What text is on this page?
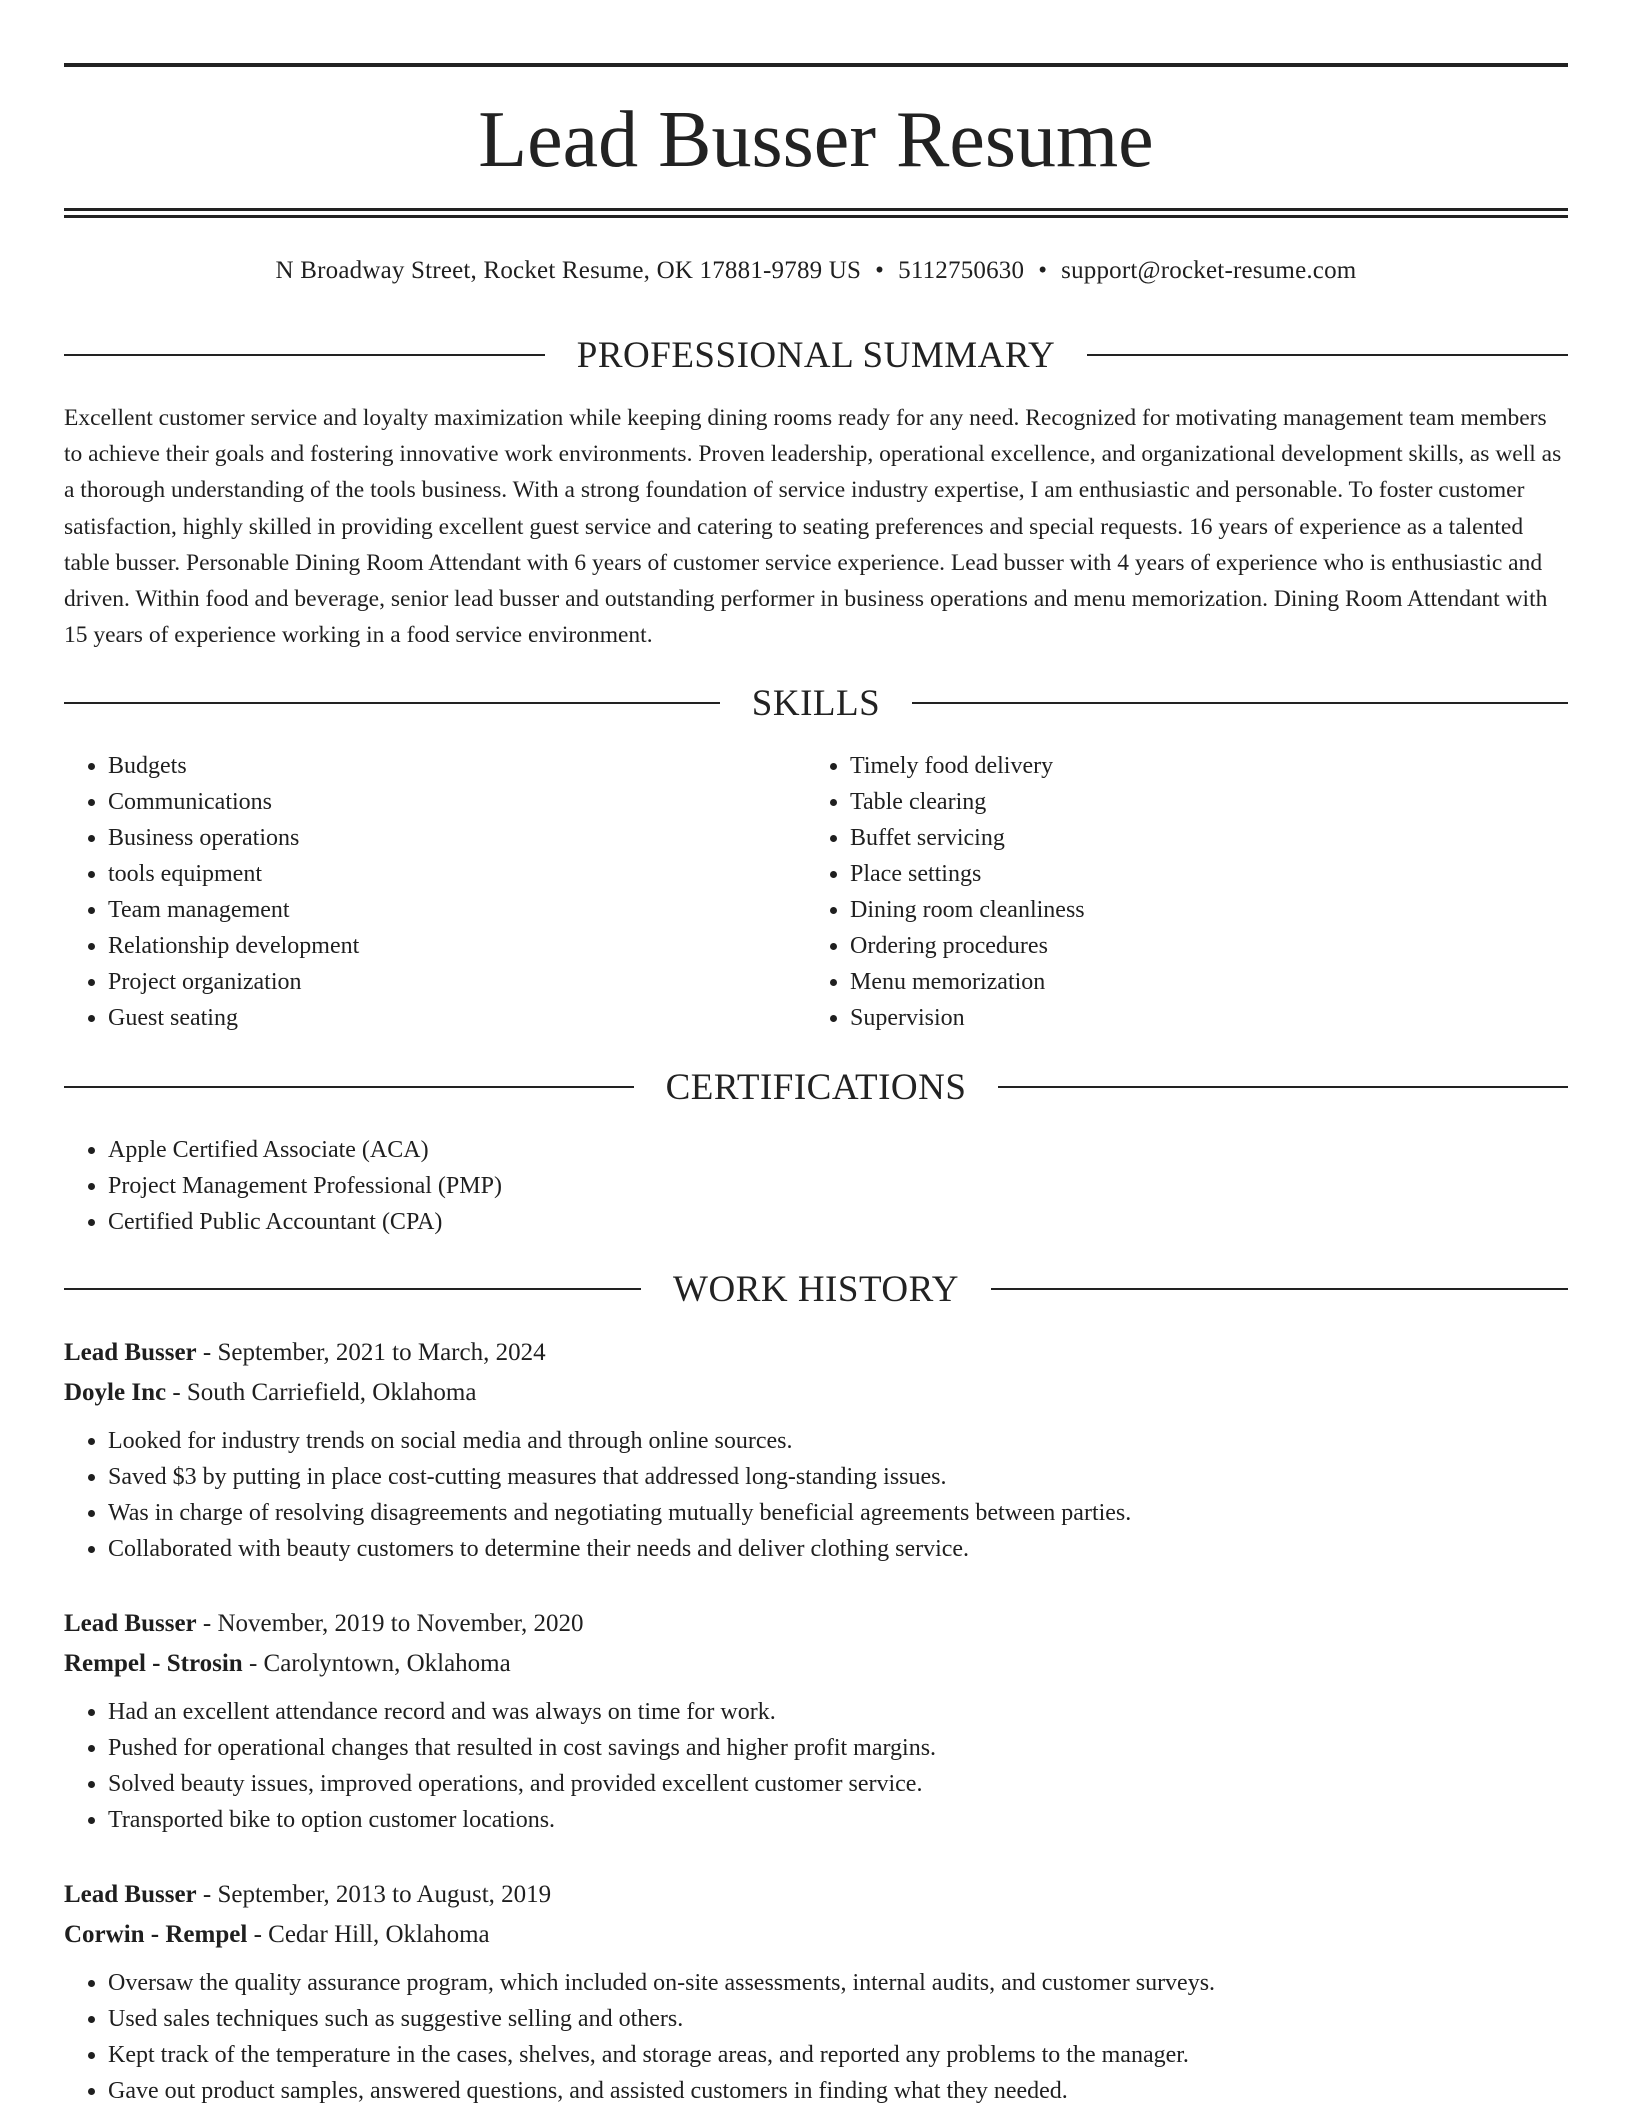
Lead Busser Resume
N Broadway Street, Rocket Resume, OK 17881-9789 US • 5112750630 • support@rocket-resume.com
PROFESSIONAL SUMMARY

Excellent customer service and loyalty maximization while keeping dining rooms ready for any need. Recognized for motivating management team members to achieve their goals and fostering innovative work environments. Proven leadership, operational excellence, and organizational development skills, as well as a thorough understanding of the tools business. With a strong foundation of service industry expertise, I am enthusiastic and personable. To foster customer satisfaction, highly skilled in providing excellent guest service and catering to seating preferences and special requests. 16 years of experience as a talented table busser. Personable Dining Room Attendant with 6 years of customer service experience. Lead busser with 4 years of experience who is enthusiastic and driven. Within food and beverage, senior lead busser and outstanding performer in business operations and menu memorization. Dining Room Attendant with 15 years of experience working in a food service environment.

SKILLS
• Budgets
• Communications
• Business operations
• tools equipment
• Team management
• Relationship development
• Project organization
• Guest seating
• Timely food delivery
• Table clearing
• Buffet servicing
• Place settings
• Dining room cleanliness
• Ordering procedures
• Menu memorization
• Supervision
CERTIFICATIONS
• Apple Certified Associate (ACA)
• Project Management Professional (PMP)
• Certified Public Accountant (CPA)
WORK HISTORY
Lead Busser - September, 2021 to March, 2024
Doyle Inc - South Carriefield, Oklahoma
• Looked for industry trends on social media and through online sources.
• Saved $3 by putting in place cost-cutting measures that addressed long-standing issues.
• Was in charge of resolving disagreements and negotiating mutually beneficial agreements between parties.
• Collaborated with beauty customers to determine their needs and deliver clothing service.
Lead Busser - November, 2019 to November, 2020
Rempel - Strosin - Carolyntown, Oklahoma
• Had an excellent attendance record and was always on time for work.
• Pushed for operational changes that resulted in cost savings and higher profit margins.
• Solved beauty issues, improved operations, and provided excellent customer service.
• Transported bike to option customer locations.
Lead Busser - September, 2013 to August, 2019
Corwin - Rempel - Cedar Hill, Oklahoma
• Oversaw the quality assurance program, which included on-site assessments, internal audits, and customer surveys.
• Used sales techniques such as suggestive selling and others.
• Kept track of the temperature in the cases, shelves, and storage areas, and reported any problems to the manager.
• Gave out product samples, answered questions, and assisted customers in finding what they needed.
